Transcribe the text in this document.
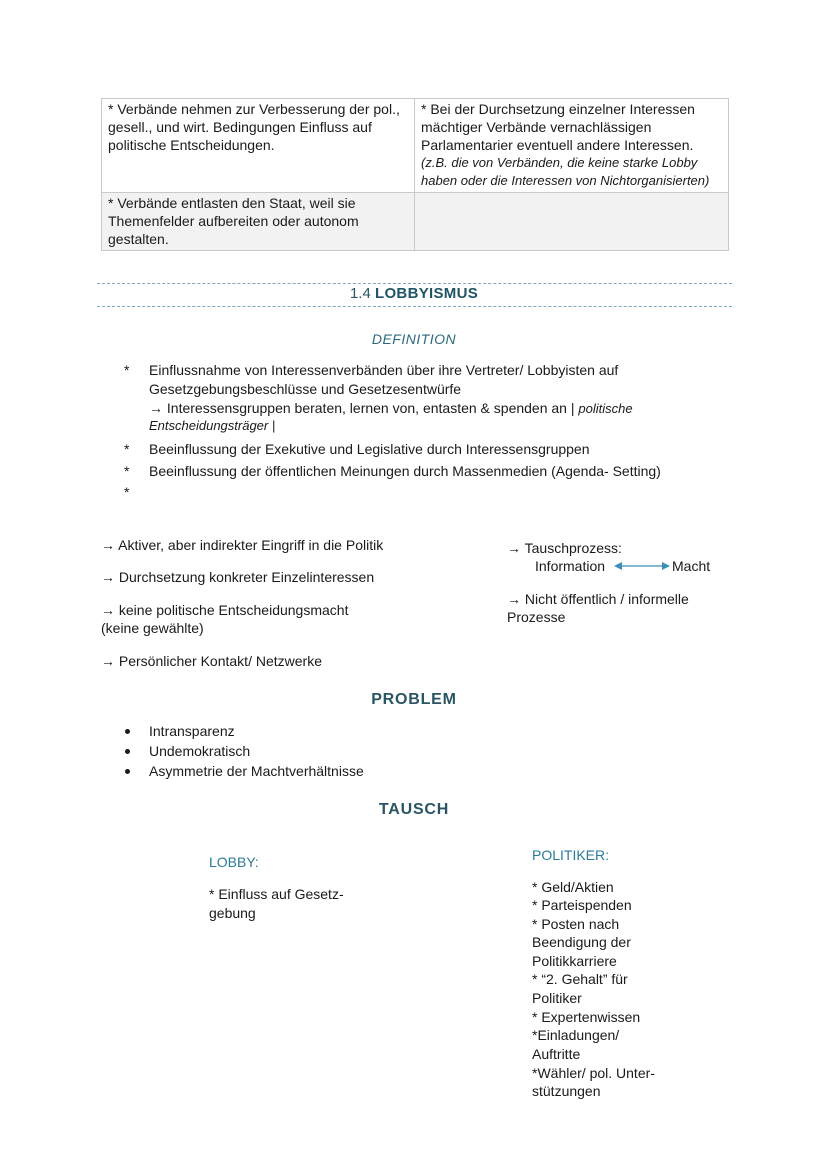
* Verbände nehmen zur Verbesserung der pol., gesell., und wirt. Bedingungen Einfluss auf politische Entscheidungen.	* Bei der Durchsetzung einzelner Interessen mächtiger Verbände vernachlässigen Parlamentarier eventuell andere Interessen.
(z.B. die von Verbänden, die keine starke Lobby haben oder die Interessen von Nichtorganisierten)

* Verbände entlasten den Staat, weil sie Themenfelder aufbereiten oder autonom gestalten.	
1.4 LOBBYISMUS
DEFINITION
* Einflussnahme von Interessenverbänden über ihre Vertreter/ Lobbyisten auf
Gesetzgebungsbeschlüsse und Gesetzesentwürfe
→ Interessensgruppen beraten, lernen von, entasten & spenden an | politische
Entscheidungsträger |
* Beeinflussung der Exekutive und Legislative durch Interessensgruppen
* Beeinflussung der öffentlichen Meinungen durch Massenmedien (Agenda- Setting)
*
→ Aktiver, aber indirekter Eingriff in die Politik
→ Durchsetzung konkreter Einzelinteressen
→ keine politische Entscheidungsmacht
(keine gewählte)
→ Persönlicher Kontakt/ Netzwerke
→ Tauschprozess:
Information	Macht
→ Nicht öffentlich / informelle
Prozesse
PROBLEM
Intransparenz
Undemokratisch
Asymmetrie der Machtverhältnisse
TAUSCH
LOBBY:
* Einfluss auf Gesetz-
gebung
POLITIKER:
* Geld/Aktien
* Parteispenden
* Posten nach
Beendigung der
Politikkarriere
* “2. Gehalt” für
Politiker
* Expertenwissen
*Einladungen/
Auftritte
*Wähler/ pol. Unter-
stützungen
